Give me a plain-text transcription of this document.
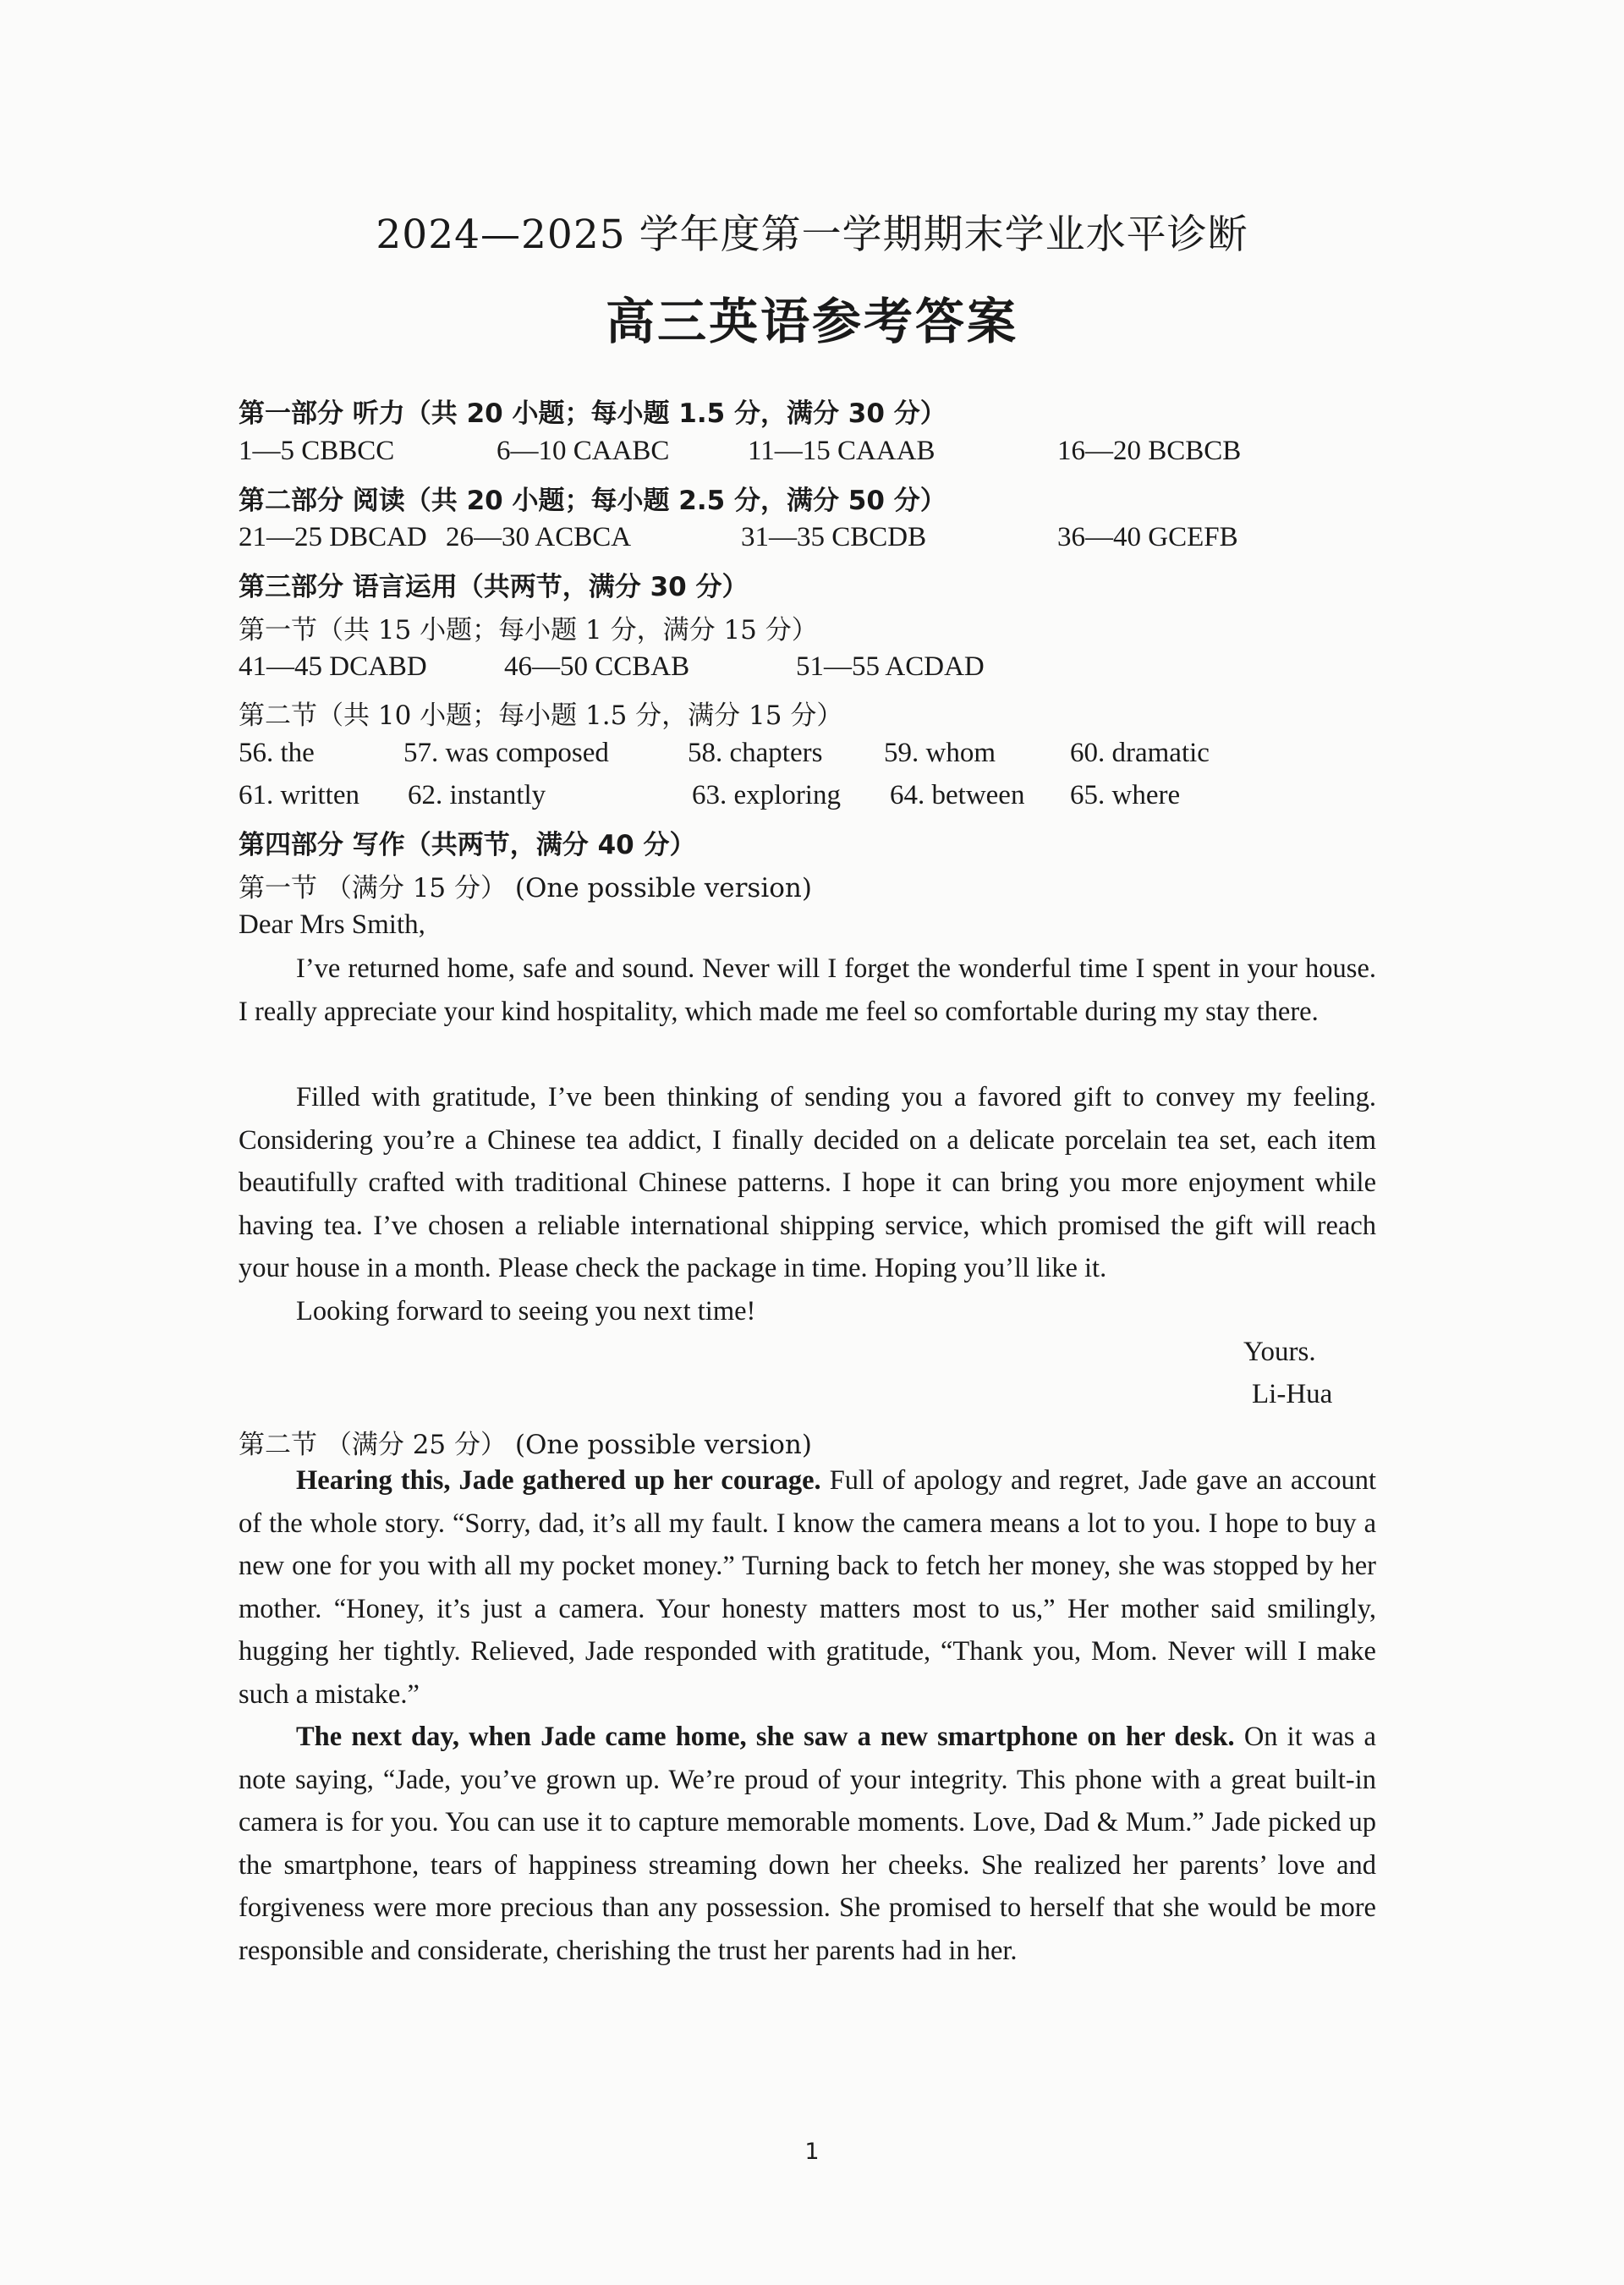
2024—2025 学年度第一学期期末学业水平诊断
高三英语参考答案
第一部分 听力（共 20 小题；每小题 1.5 分，满分 30 分）
1—5 CBBCC	6—10 CAABC	11—15 CAAAB	16—20 BCBCB
第二部分 阅读（共 20 小题；每小题 2.5 分，满分 50 分）
21—25 DBCAD 26—30 ACBCA	31—35 CBCDB	36—40 GCEFB
第三部分 语言运用（共两节，满分 30 分）
第一节（共 15 小题；每小题 1 分，满分 15 分）
41—45 DCABD	46—50 CCBAB	51—55 ACDAD
第二节（共 10 小题；每小题 1.5 分，满分 15 分）
56. the	57. was composed	58. chapters 59. whom	60. dramatic
61. written 62. instantly	63. exploring 64. between 65. where
第四部分 写作（共两节，满分 40 分）
第一节 （满分 15 分） (One possible version)
Dear Mrs Smith,

I’ve returned home, safe and sound. Never will I forget the wonderful time I spent in your house. I really appreciate your kind hospitality, which made me feel so comfortable during my stay there.

Filled with gratitude, I’ve been thinking of sending you a favored gift to convey my feeling. Considering you’re a Chinese tea addict, I finally decided on a delicate porcelain tea set, each item beautifully crafted with traditional Chinese patterns. I hope it can bring you more enjoyment while having tea. I’ve chosen a reliable international shipping service, which promised the gift will reach your house in a month. Please check the package in time. Hoping you’ll like it.

Looking forward to seeing you next time!

Yours.
Li-Hua
第二节 （满分 25 分） (One possible version)

Hearing this, Jade gathered up her courage. Full of apology and regret, Jade gave an account of the whole story. “Sorry, dad, it’s all my fault. I know the camera means a lot to you. I hope to buy a new one for you with all my pocket money.” Turning back to fetch her money, she was stopped by her mother. “Honey, it’s just a camera. Your honesty matters most to us,” Her mother said smilingly, hugging her tightly. Relieved, Jade responded with gratitude, “Thank you, Mom. Never will I make such a mistake.”

The next day, when Jade came home, she saw a new smartphone on her desk. On it was a note saying, “Jade, you’ve grown up. We’re proud of your integrity. This phone with a great built-in camera is for you. You can use it to capture memorable moments. Love, Dad & Mum.” Jade picked up the smartphone, tears of happiness streaming down her cheeks. She realized her parents’ love and forgiveness were more precious than any possession. She promised to herself that she would be more responsible and considerate, cherishing the trust her parents had in her.

1
